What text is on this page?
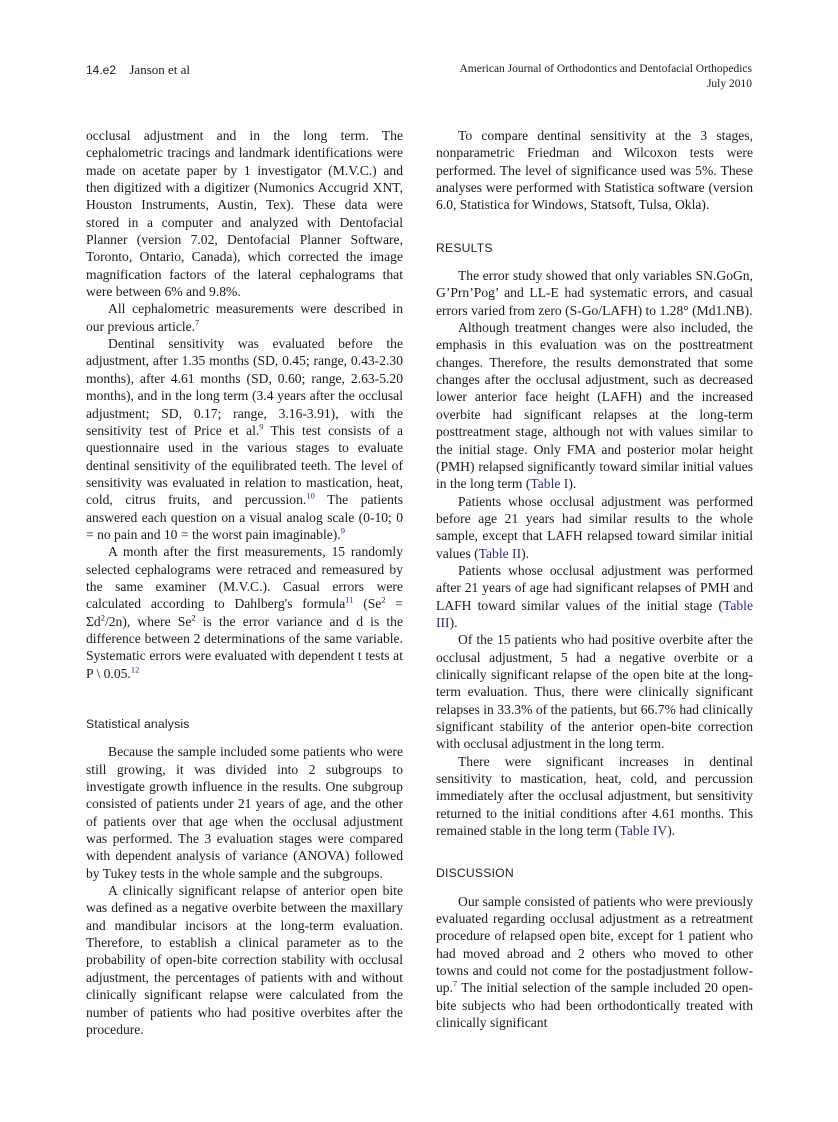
14.e2 Janson et al	American Journal of Orthodontics and Dentofacial Orthopedics
July 2010

occlusal adjustment and in the long term. The cephalometric tracings and landmark identifications were made on acetate paper by 1 investigator (M.V.C.) and then digitized with a digitizer (Numonics Accugrid XNT, Houston Instruments, Austin, Tex). These data were stored in a computer and analyzed with Dentofacial Planner (version 7.02, Dentofacial Planner Software, Toronto, Ontario, Canada), which corrected the image magnification factors of the lateral cephalograms that were between 6% and 9.8%.

All cephalometric measurements were described in our previous article.$^7$

Dentinal sensitivity was evaluated before the adjustment, after 1.35 months (SD, 0.45; range, 0.43-2.30 months), after 4.61 months (SD, 0.60; range, 2.63-5.20 months), and in the long term (3.4 years after the occlusal adjustment; SD, 0.17; range, 3.16-3.91), with the sensitivity test of Price et al.$^9$ This test consists of a questionnaire used in the various stages to evaluate dentinal sensitivity of the equilibrated teeth. The level of sensitivity was evaluated in relation to mastication, heat, cold, citrus fruits, and percussion.$^{10}$ The patients answered each question on a visual analog scale (0-10; 0 = no pain and 10 = the worst pain imaginable).$^9$

A month after the first measurements, 15 randomly selected cephalograms were retraced and remeasured by the same examiner (M.V.C.). Casual errors were calculated according to Dahlberg's formula$^{11}$ $(Se^2 = \Sigma d^2/2n)$, where Se$^2$ is the error variance and d is the difference between 2 determinations of the same variable. Systematic errors were evaluated with dependent t tests at P \ 0.05.12

Statistical analysis

Because the sample included some patients who were still growing, it was divided into 2 subgroups to investigate growth influence in the results. One subgroup consisted of patients under 21 years of age, and the other of patients over that age when the occlusal adjustment was performed. The 3 evaluation stages were compared with dependent analysis of variance (ANOVA) followed by Tukey tests in the whole sample and the subgroups.

A clinically significant relapse of anterior open bite was defined as a negative overbite between the maxillary and mandibular incisors at the long-term evaluation. Therefore, to establish a clinical parameter as to the probability of open-bite correction stability with occlusal adjustment, the percentages of patients with and without clinically significant relapse were calculated from the number of patients who had positive overbites after the procedure.

To compare dentinal sensitivity at the 3 stages, nonparametric Friedman and Wilcoxon tests were performed. The level of significance used was 5%. These analyses were performed with Statistica software (version 6.0, Statistica for Windows, Statsoft, Tulsa, Okla).

RESULTS

The error study showed that only variables SN.GoGn, G’Prn’Pog’ and LL-E had systematic errors, and casual errors varied from zero (S-Go/LAFH) to 1.28° (Md1.NB).

Although treatment changes were also included, the emphasis in this evaluation was on the posttreatment changes. Therefore, the results demonstrated that some changes after the occlusal adjustment, such as decreased lower anterior face height (LAFH) and the increased overbite had significant relapses at the long-term posttreatment stage, although not with values similar to the initial stage. Only FMA and posterior molar height (PMH) relapsed significantly toward similar initial values in the long term (Table I).

Patients whose occlusal adjustment was performed before age 21 years had similar results to the whole sample, except that LAFH relapsed toward similar initial values (Table II).

Patients whose occlusal adjustment was performed after 21 years of age had significant relapses of PMH and LAFH toward similar values of the initial stage (Table III).

Of the 15 patients who had positive overbite after the occlusal adjustment, 5 had a negative overbite or a clinically significant relapse of the open bite at the long-term evaluation. Thus, there were clinically significant relapses in 33.3% of the patients, but 66.7% had clinically significant stability of the anterior open-bite correction with occlusal adjustment in the long term.

There were significant increases in dentinal sensitivity to mastication, heat, cold, and percussion immediately after the occlusal adjustment, but sensitivity returned to the initial conditions after 4.61 months. This remained stable in the long term (Table IV).

DISCUSSION

Our sample consisted of patients who were previously evaluated regarding occlusal adjustment as a retreatment procedure of relapsed open bite, except for 1 patient who had moved abroad and 2 others who moved to other towns and could not come for the postadjustment follow-up.$^7$ The initial selection of the sample included 20 open-bite subjects who had been orthodontically treated with clinically significant
